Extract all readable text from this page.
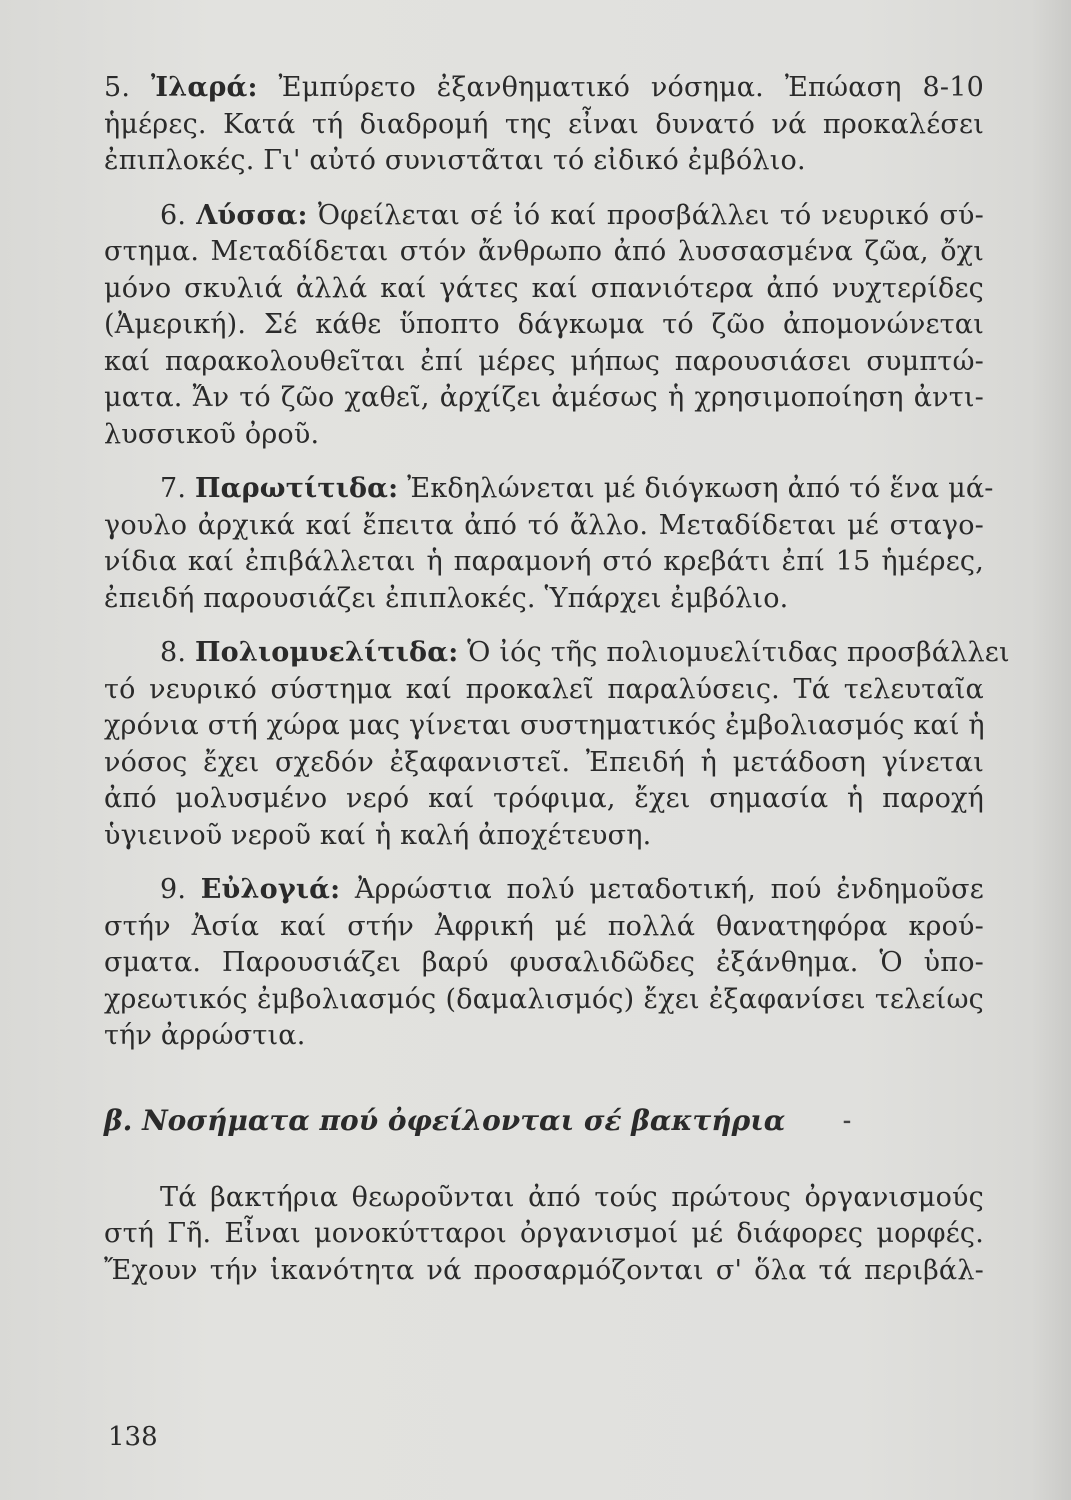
5. Ἰλαρά: Ἐμπύρετο ἐξανθηματικό νόσημα. Ἐπώαση 8-10
ἡμέρες. Κατά τή διαδρομή της εἶναι δυνατό νά προκαλέσει
ἐπιπλοκές. Γι' αὐτό συνιστᾶται τό εἰδικό ἐμβόλιο.
6. Λύσσα: Ὀφείλεται σέ ἰό καί προσβάλλει τό νευρικό σύ-
στημα. Μεταδίδεται στόν ἄνθρωπο ἀπό λυσσασμένα ζῶα, ὄχι
μόνο σκυλιά ἀλλά καί γάτες καί σπανιότερα ἀπό νυχτερίδες
(Ἀμερική). Σέ κάθε ὕποπτο δάγκωμα τό ζῶο ἀπομονώνεται
καί παρακολουθεῖται ἐπί μέρες μήπως παρουσιάσει συμπτώ-
ματα. Ἄν τό ζῶο χαθεῖ, ἀρχίζει ἀμέσως ἡ χρησιμοποίηση ἀντι-
λυσσικοῦ ὀροῦ.
7. Παρωτίτιδα: Ἐκδηλώνεται μέ διόγκωση ἀπό τό ἕνα μά-
γουλο ἀρχικά καί ἔπειτα ἀπό τό ἄλλο. Μεταδίδεται μέ σταγο-
νίδια καί ἐπιβάλλεται ἡ παραμονή στό κρεβάτι ἐπί 15 ἡμέρες,
ἐπειδή παρουσιάζει ἐπιπλοκές. Ὑπάρχει ἐμβόλιο.
8. Πολιομυελίτιδα: Ὁ ἰός τῆς πολιομυελίτιδας προσβάλλει
τό νευρικό σύστημα καί προκαλεῖ παραλύσεις. Τά τελευταῖα
χρόνια στή χώρα μας γίνεται συστηματικός ἐμβολιασμός καί ἡ
νόσος ἔχει σχεδόν ἐξαφανιστεῖ. Ἐπειδή ἡ μετάδοση γίνεται
ἀπό μολυσμένο νερό καί τρόφιμα, ἔχει σημασία ἡ παροχή
ὑγιεινοῦ νεροῦ καί ἡ καλή ἀποχέτευση.
9. Εὐλογιά: Ἀρρώστια πολύ μεταδοτική, πού ἐνδημοῦσε
στήν Ἀσία καί στήν Ἀφρική μέ πολλά θανατηφόρα κρού-
σματα. Παρουσιάζει βαρύ φυσαλιδῶδες ἐξάνθημα. Ὁ ὑπο-
χρεωτικός ἐμβολιασμός (δαμαλισμός) ἔχει ἐξαφανίσει τελείως
τήν ἀρρώστια.
β. Νοσήματα πού ὀφείλονται σέ βακτήρια	⁃
Τά βακτήρια θεωροῦνται ἀπό τούς πρώτους ὀργανισμούς
στή Γῆ. Εἶναι μονοκύτταροι ὀργανισμοί μέ διάφορες μορφές.
Ἔχουν τήν ἱκανότητα νά προσαρμόζονται σ' ὅλα τά περιβάλ-
138
